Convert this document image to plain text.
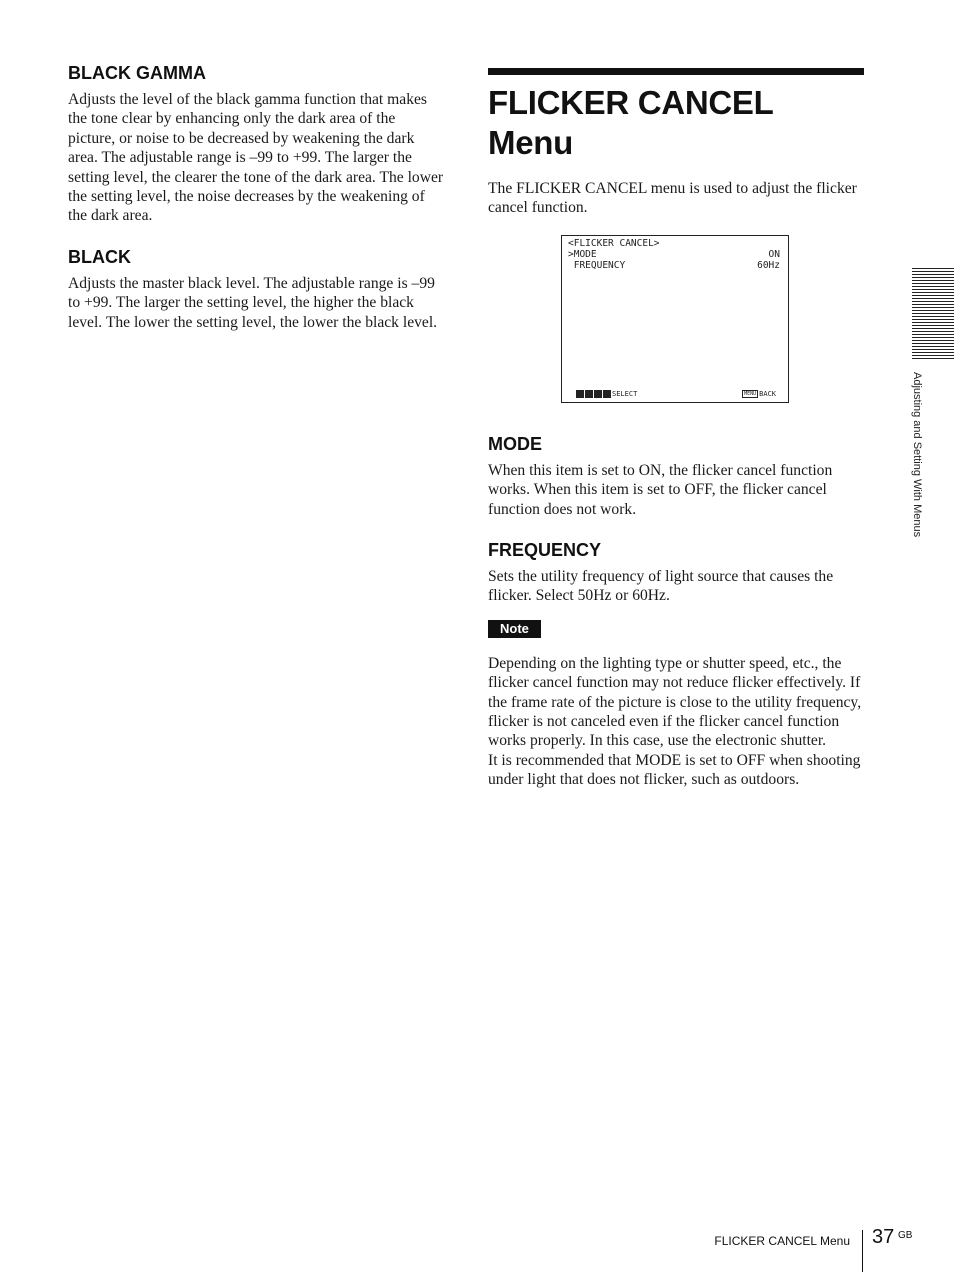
BLACK GAMMA

Adjusts the level of the black gamma function that makes the tone clear by enhancing only the dark area of the picture, or noise to be decreased by weakening the dark area. The adjustable range is –99 to +99. The larger the setting level, the clearer the tone of the dark area. The lower the setting level, the noise decreases by the weakening of the dark area.

BLACK

Adjusts the master black level. The adjustable range is –99 to +99. The larger the setting level, the higher the black level. The lower the setting level, the lower the black level.

FLICKER CANCEL Menu

The FLICKER CANCEL menu is used to adjust the flicker cancel function.

<FLICKER CANCEL>
>MODE	ON
FREQUENCY	60Hz
SELECT	MENU BACK
MODE

When this item is set to ON, the flicker cancel function works. When this item is set to OFF, the flicker cancel function does not work.

FREQUENCY

Sets the utility frequency of light source that causes the flicker. Select 50Hz or 60Hz.

Note

Depending on the lighting type or shutter speed, etc., the flicker cancel function may not reduce flicker effectively. If the frame rate of the picture is close to the utility frequency, flicker is not canceled even if the flicker cancel function works properly. In this case, use the electronic shutter.

It is recommended that MODE is set to OFF when shooting under light that does not flicker, such as outdoors.

Adjusting and Setting With Menus
FLICKER CANCEL Menu 37 GB
